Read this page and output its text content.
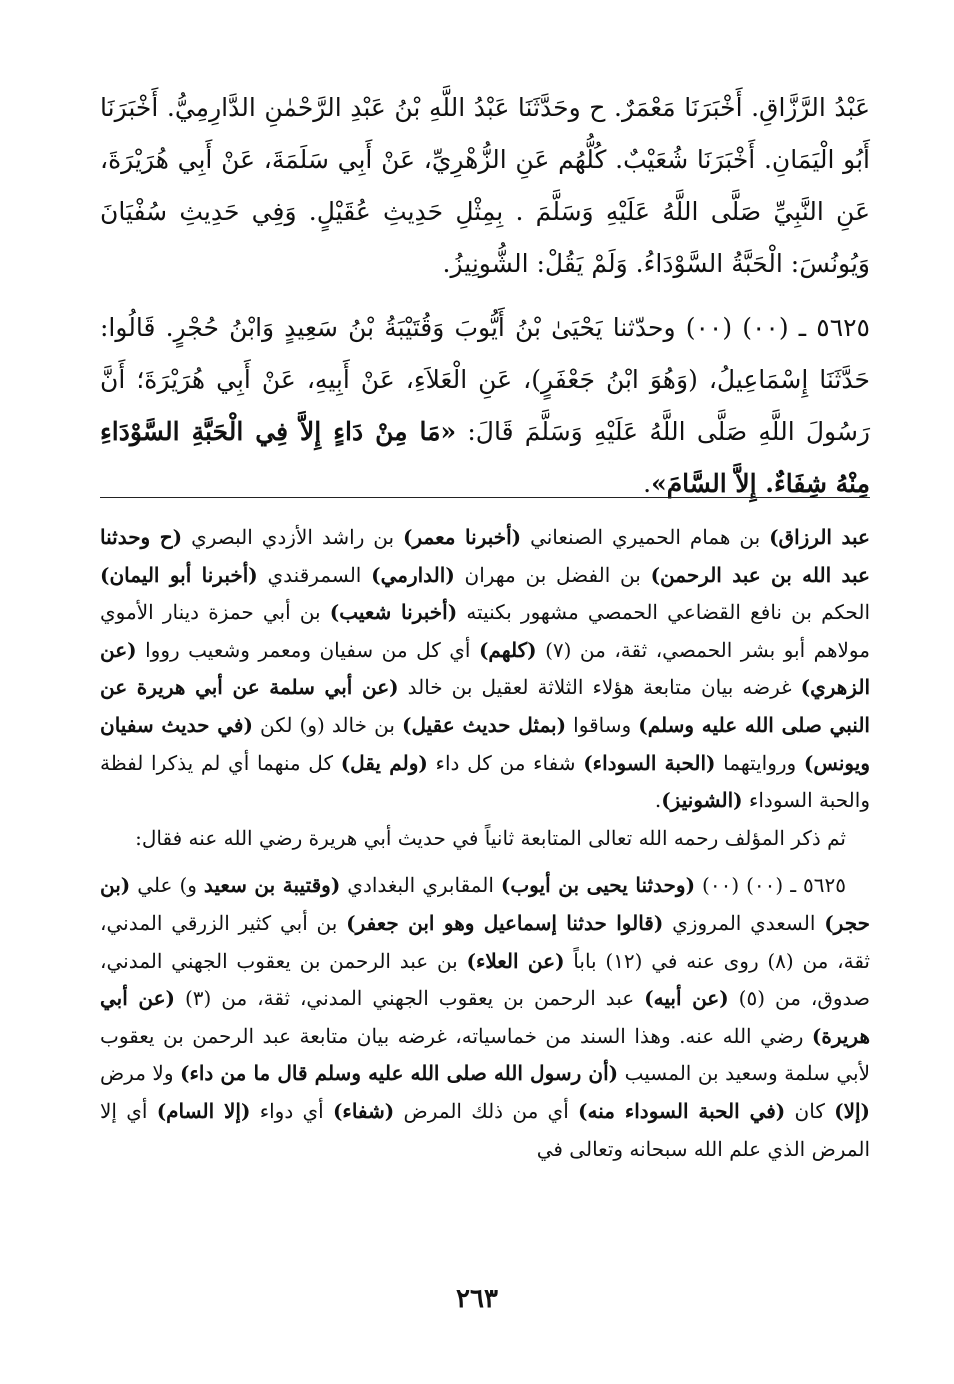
عَبْدُ الرَّزَّاقِ. أَخْبَرَنَا مَعْمَرٌ. ح وحَدَّثَنَا عَبْدُ اللَّهِ بْنُ عَبْدِ الرَّحْمٰنِ الدَّارِمِيُّ. أَخْبَرَنَا أَبُو الْيَمَانِ. أَخْبَرَنَا شُعَيْبٌ. كُلُّهُم عَنِ الزُّهْرِيِّ، عَنْ أَبِي سَلَمَةَ، عَنْ أَبِي هُرَيْرَةَ، عَنِ النَّبِيِّ صَلَّى اللَّهُ عَلَيْهِ وَسَلَّمَ . بِمِثْلِ حَدِيثِ عُقَيْلٍ. وَفِي حَدِيثِ سُفْيَانَ وَيُونُسَ: الْحَبَّةُ السَّوْدَاءُ. وَلَمْ يَقُلْ: الشُّونِيزُ.

٥٦٢٥ ـ (٠٠) (٠٠) وحدّثنا يَحْيَىٰ بْنُ أَيُّوبَ وَقُتَيْبَةُ بْنُ سَعِيدٍ وَابْنُ حُجْرٍ. قَالُوا: حَدَّثَنَا إِسْمَاعِيلُ، (وَهُوَ ابْنُ جَعْفَرٍ)، عَنِ الْعَلاَءِ، عَنْ أَبِيهِ، عَنْ أَبِي هُرَيْرَةَ؛ أَنَّ رَسُولَ اللَّهِ صَلَّى اللَّهُ عَلَيْهِ وَسَلَّمَ قَالَ: «مَا مِنْ دَاءٍ إِلاَّ فِي الْحَبَّةِ السَّوْدَاءِ مِنْهُ شِفَاءٌ. إِلاَّ السَّامَ».

عبد الرزاق) بن همام الحميري الصنعاني (أخبرنا معمر) بن راشد الأزدي البصري (ح وحدثنا عبد الله بن عبد الرحمن) بن الفضل بن مهران (الدارمي) السمرقندي (أخبرنا أبو اليمان) الحكم بن نافع القضاعي الحمصي مشهور بكنيته (أخبرنا شعيب) بن أبي حمزة دينار الأموي مولاهم أبو بشر الحمصي، ثقة، من (٧) (كلهم) أي كل من سفيان ومعمر وشعيب رووا (عن الزهري) غرضه بيان متابعة هؤلاء الثلاثة لعقيل بن خالد (عن أبي سلمة عن أبي هريرة عن النبي صلى الله عليه وسلم) وساقوا (بمثل حديث عقيل) بن خالد (و) لكن (في حديث سفيان ويونس) وروايتهما (الحبة السوداء) شفاء من كل داء (ولم يقل) كل منهما أي لم يذكرا لفظة والحبة السوداء (الشونيز).

ثم ذكر المؤلف رحمه الله تعالى المتابعة ثانياً في حديث أبي هريرة رضي الله عنه فقال:

٥٦٢٥ ـ (٠٠) (٠٠) (وحدثنا يحيى بن أيوب) المقابري البغدادي (وقتيبة بن سعيد و) علي (بن حجر) السعدي المروزي (قالوا حدثنا إسماعيل وهو ابن جعفر) بن أبي كثير الزرقي المدني، ثقة، من (٨) روى عنه في (١٢) باباً (عن العلاء) بن عبد الرحمن بن يعقوب الجهني المدني، صدوق، من (٥) (عن أبيه) عبد الرحمن بن يعقوب الجهني المدني، ثقة، من (٣) (عن أبي هريرة) رضي الله عنه. وهذا السند من خماسياته، غرضه بيان متابعة عبد الرحمن بن يعقوب لأبي سلمة وسعيد بن المسيب (أن رسول الله صلى الله عليه وسلم قال ما من داء) ولا مرض (إلا) كان (في الحبة السوداء منه) أي من ذلك المرض (شفاء) أي دواء (إلا السام) أي إلا المرض الذي علم الله سبحانه وتعالى في

٢٦٣
